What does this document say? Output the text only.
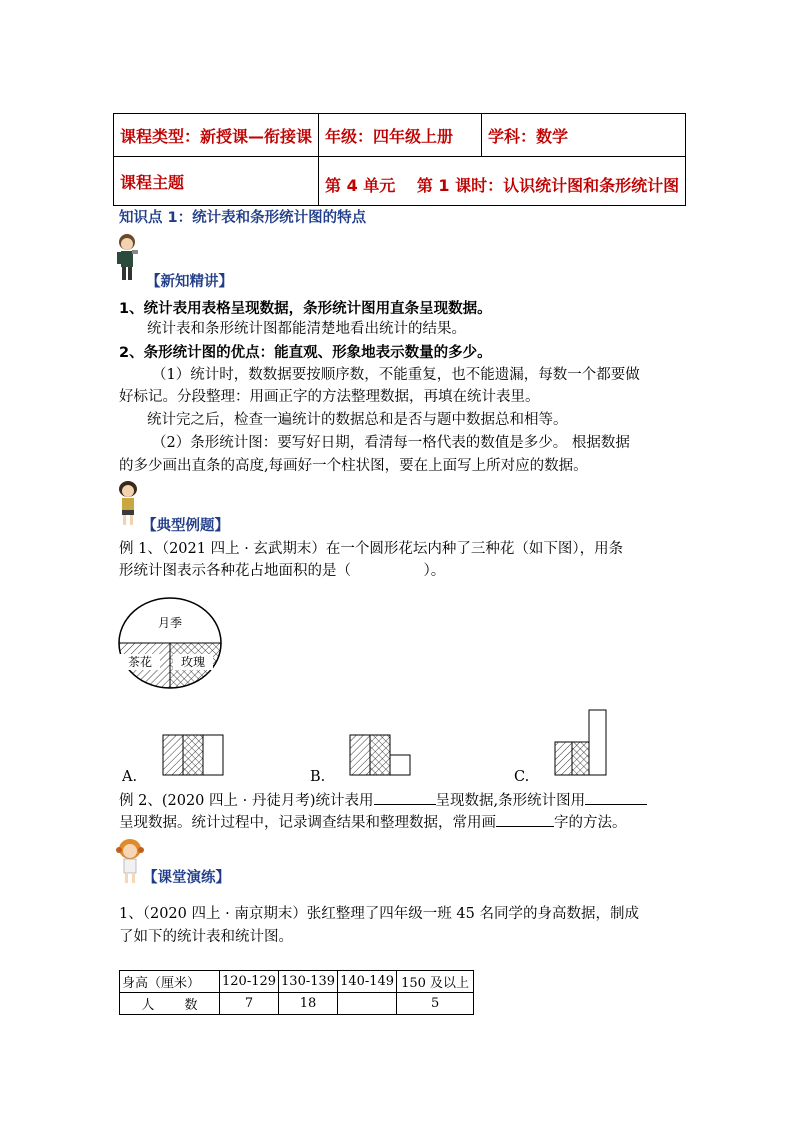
课程类型：新授课—衔接课	年级：四年级上册	学科：数学
课程主题	第 4 单元　 第 1 课时：认识统计图和条形统计图	
知识点 1：统计表和条形统计图的特点
【新知精讲】
1、统计表用表格呈现数据，条形统计图用直条呈现数据。
统计表和条形统计图都能清楚地看出统计的结果。
2、条形统计图的优点：能直观、形象地表示数量的多少。
（1）统计时，数数据要按顺序数，不能重复，也不能遗漏，每数一个都要做
好标记。分段整理：用画正字的方法整理数据，再填在统计表里。
统计完之后，检查一遍统计的数据总和是否与题中数据总和相等。
（2）条形统计图：要写好日期，看清每一格代表的数值是多少。 根据数据
的多少画出直条的高度,每画好一个柱状图，要在上面写上所对应的数据。
【典型例题】
例 1、（2021 四上 · 玄武期末）在一个圆形花坛内种了三种花（如下图），用条
形统计图表示各种花占地面积的是（　　　　　）。
月季
茶花 玫瑰
A.	B.	C.
例 2、(2020 四上 · 丹徒月考)统计表用	呈现数据,条形统计图用
呈现数据。统计过程中，记录调查结果和整理数据，常用画	字的方法。
【课堂演练】
1、（2020 四上 · 南京期末）张红整理了四年级一班 45 名同学的身高数据，制成
了如下的统计表和统计图。
身高（厘米）	120-129	130-139	140-149	150 及以上
人　　 数	7	18		5
